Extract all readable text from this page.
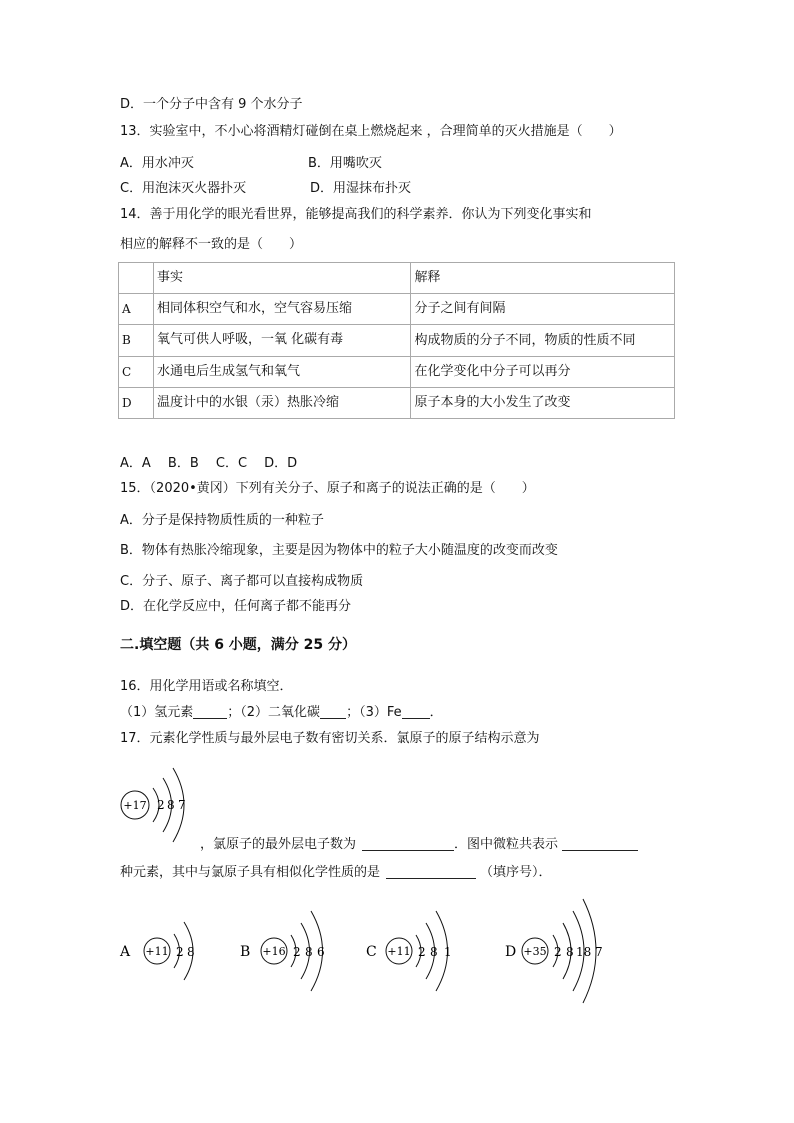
D．一个分子中含有 9 个水分子
13．实验室中，不小心将酒精灯碰倒在桌上燃烧起来 ，合理简单的灭火措施是（　　）
A．用水冲灭	B．用嘴吹灭
C．用泡沫灭火器扑灭	D．用湿抹布扑灭
14．善于用化学的眼光看世界，能够提高我们的科学素养．你认为下列变化事实和
相应的解释不一致的是（　　）
	事实	解释
A	相同体积空气和水，空气容易压缩	分子之间有间隔
B	氧气可供人呼吸，一氧 化碳有毒	构成物质的分子不同，物质的性质不同
C	水通电后生成氢气和氧气	在化学变化中分子可以再分
D	温度计中的水银（汞）热胀冷缩	原子本身的大小发生了改变
A．A　 B．B　 C．C　 D．D
15．（2020•黄冈）下列有关分子、原子和离子的说法正确的是（　　）
A．分子是保持物质性质的一种粒子
B．物体有热胀冷缩现象，主要是因为物体中的粒子大小随温度的改变而改变
C．分子、原子、离子都可以直接构成物质
D．在化学反应中，任何离子都不能再分
二.填空题（共 6 小题，满分 25 分）
16．用化学用语或名称填空．
（1）氢元素	；（2）二氧化碳 ；（3）Fe ．
17．元素化学性质与最外层电子数有密切关系．氯原子的原子结构示意为
+17 2 8 7
，氯原子的最外层电子数为	．图中微粒共表示
种元素，其中与氯原子具有相似化学性质的是	（填序号）．
A +11 2 8	B +16 2 8 6	C +11 2 8 1	D +35 2 8 18 7
